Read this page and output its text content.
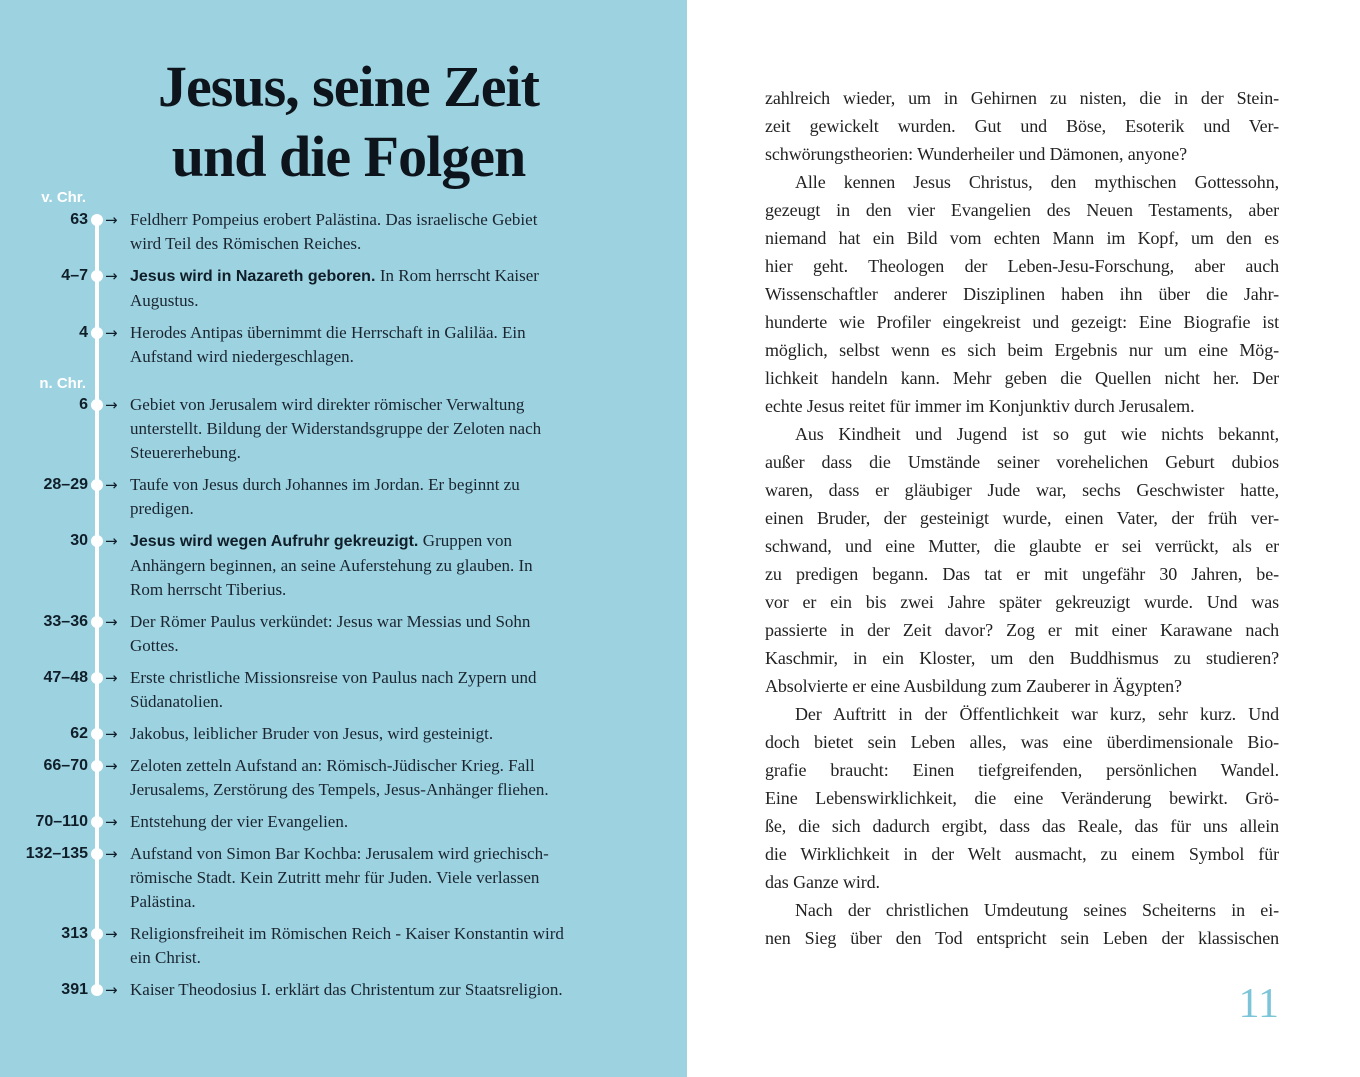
v. Chr.
63 → Feldherr Pompeius erobert Palästina. Das israelische Gebiet
wird Teil des Römischen Reiches.
4–7 → Jesus wird in Nazareth geboren. In Rom herrscht Kaiser
Augustus.
4 → Herodes Antipas übernimmt die Herrschaft in Galiläa. Ein
Aufstand wird niedergeschlagen.
n. Chr.
6 → Gebiet von Jerusalem wird direkter römischer Verwaltung
unterstellt. Bildung der Widerstandsgruppe der Zeloten nach
Steuererhebung.
28–29 → Taufe von Jesus durch Johannes im Jordan. Er beginnt zu
predigen.
30 → Jesus wird wegen Aufruhr gekreuzigt. Gruppen von
Anhängern beginnen, an seine Auferstehung zu glauben. In
Rom herrscht Tiberius.
33–36 → Der Römer Paulus verkündet: Jesus war Messias und Sohn
Gottes.
47–48 → Erste christliche Missionsreise von Paulus nach Zypern und
Südanatolien.
62 → Jakobus, leiblicher Bruder von Jesus, wird gesteinigt.
66–70 → Zeloten zetteln Aufstand an: Römisch-Jüdischer Krieg. Fall
Jerusalems, Zerstörung des Tempels, Jesus-Anhänger fliehen.
70–110 → Entstehung der vier Evangelien.
132–135 → Aufstand von Simon Bar Kochba: Jerusalem wird griechisch-
römische Stadt. Kein Zutritt mehr für Juden. Viele verlassen
Palästina.
313 → Religionsfreiheit im Römischen Reich - Kaiser Konstantin wird
ein Christ.
391 → Kaiser Theodosius I. erklärt das Christentum zur Staatsreligion.
Jesus, seine Zeit
und die Folgen
zahlreich wieder, um in Gehirnen zu nisten, die in der Stein-
zeit gewickelt wurden. Gut und Böse, Esoterik und Ver-
schwörungstheorien: Wunderheiler und Dämonen, anyone?
Alle kennen Jesus Christus, den mythischen Gottessohn,
gezeugt in den vier Evangelien des Neuen Testaments, aber
niemand hat ein Bild vom echten Mann im Kopf, um den es
hier geht. Theologen der Leben-Jesu-Forschung, aber auch
Wissenschaftler anderer Disziplinen haben ihn über die Jahr-
hunderte wie Profiler eingekreist und gezeigt: Eine Biografie ist
möglich, selbst wenn es sich beim Ergebnis nur um eine Mög-
lichkeit handeln kann. Mehr geben die Quellen nicht her. Der
echte Jesus reitet für immer im Konjunktiv durch Jerusalem.
Aus Kindheit und Jugend ist so gut wie nichts bekannt,
außer dass die Umstände seiner vorehelichen Geburt dubios
waren, dass er gläubiger Jude war, sechs Geschwister hatte,
einen Bruder, der gesteinigt wurde, einen Vater, der früh ver-
schwand, und eine Mutter, die glaubte er sei verrückt, als er
zu predigen begann. Das tat er mit ungefähr 30 Jahren, be-
vor er ein bis zwei Jahre später gekreuzigt wurde. Und was
passierte in der Zeit davor? Zog er mit einer Karawane nach
Kaschmir, in ein Kloster, um den Buddhismus zu studieren?
Absolvierte er eine Ausbildung zum Zauberer in Ägypten?
Der Auftritt in der Öffentlichkeit war kurz, sehr kurz. Und
doch bietet sein Leben alles, was eine überdimensionale Bio-
grafie braucht: Einen tiefgreifenden, persönlichen Wandel.
Eine Lebenswirklichkeit, die eine Veränderung bewirkt. Grö-
ße, die sich dadurch ergibt, dass das Reale, das für uns allein
die Wirklichkeit in der Welt ausmacht, zu einem Symbol für
das Ganze wird.
Nach der christlichen Umdeutung seines Scheiterns in ei-
nen Sieg über den Tod entspricht sein Leben der klassischen
11
